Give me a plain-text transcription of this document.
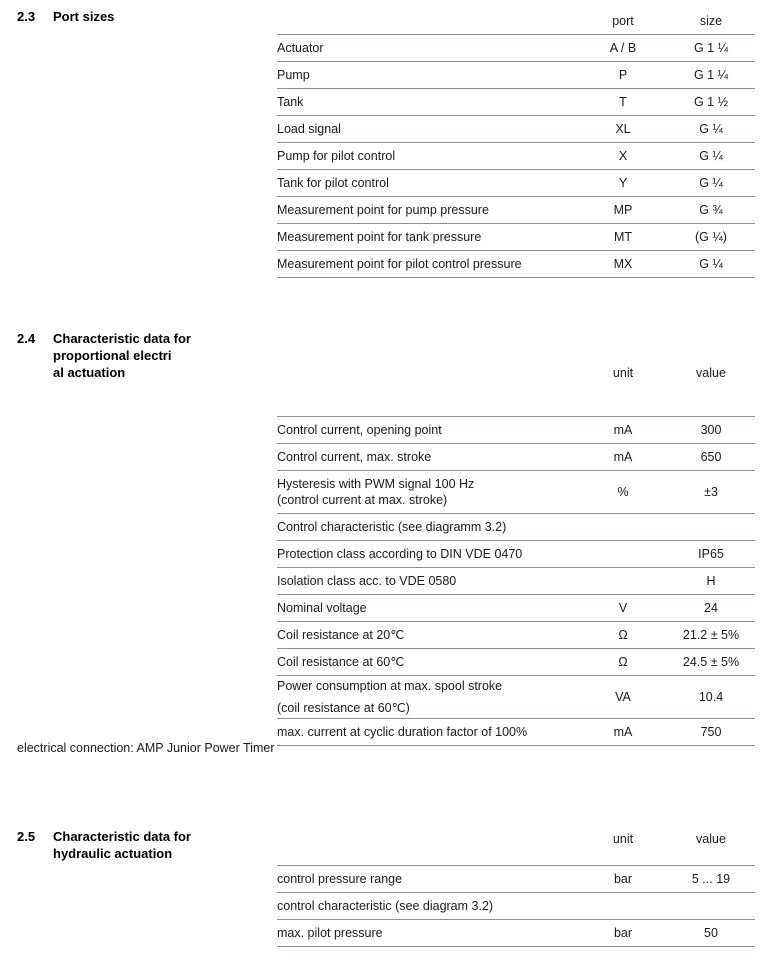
2.3 Port sizes
		port	size
Actuator	A / B	G 1 ¼
Pump	P	G 1 ¼
Tank	T	G 1 ½
Load signal	XL	G ¼
Pump for pilot control	X	G ¼
Tank for pilot control	Y	G ¼
Measurement point for pump pressure	MP	G ¾
Measurement point for tank pressure	MT	(G ¼)
Measurement point for pilot control pressure	MX	G ¼
2.4 Characteristic data for
proportional electri
al actuation
		unit	value
Control current, opening point	mA	300
Control current, max. stroke	mA	650

Hysteresis with PWM signal 100 Hz
(control current at max. stroke)	%	±3
Control characteristic (see diagramm 3.2)		
Protection class according to DIN VDE 0470		IP65
Isolation class acc. to VDE 0580		H
Nominal voltage	V	24
Coil resistance at 20℃	Ω	21.2 ± 5%
Coil resistance at 60℃	Ω	24.5 ± 5%

Power consumption at max. spool stroke
(coil resistance at 60℃)	VA	10.4
max. current at cyclic duration factor of 100%	mA	750
electrical connection: AMP Junior Power Timer
2.5 Characteristic data for
hydraulic actuation
	unit	value
control pressure range	bar	5 ... 19
control characteristic (see diagram 3.2)		
max. pilot pressure	bar	50
